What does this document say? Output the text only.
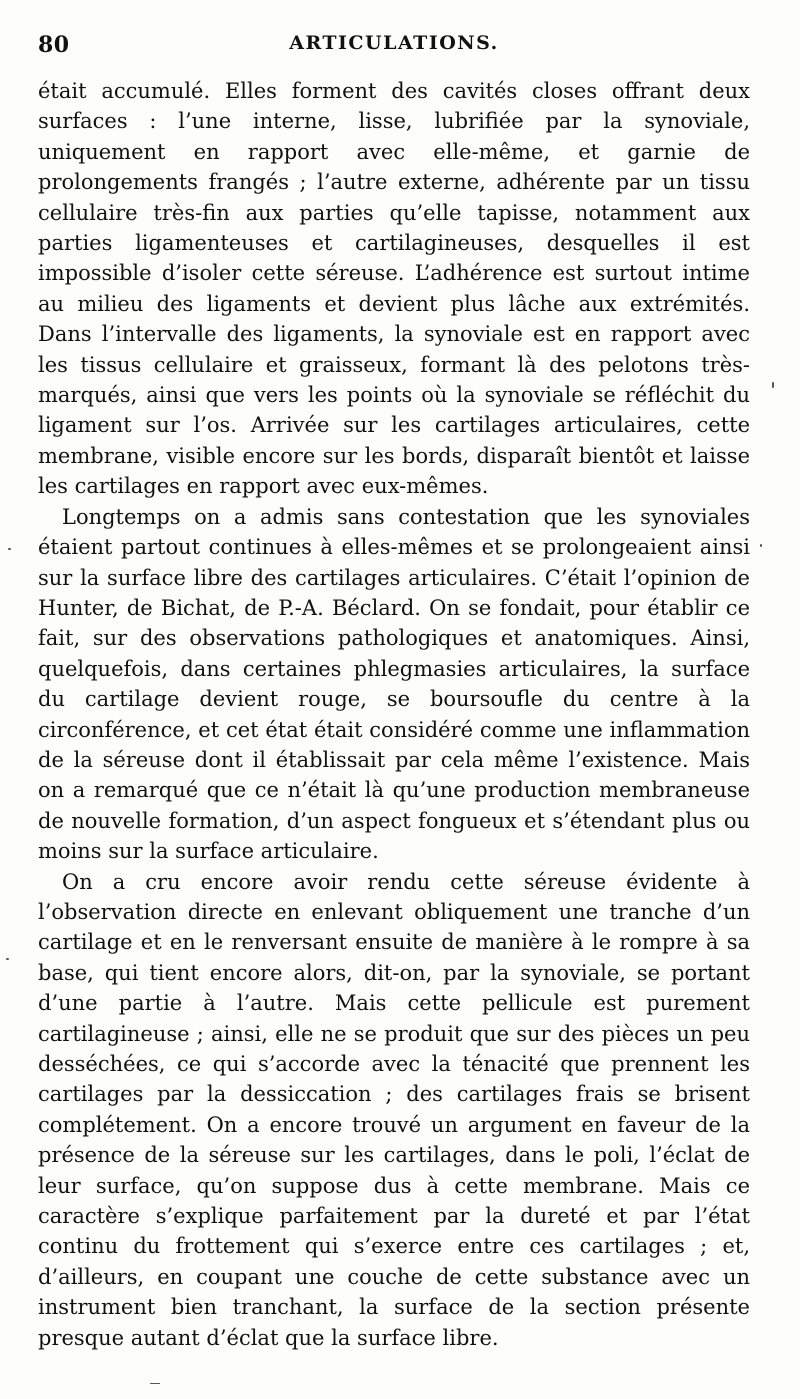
80	ARTICULATIONS.

était accumulé. Elles forment des cavités closes offrant deux surfaces : l’une interne, lisse, lubrifiée par la synoviale, uniquement en rapport avec elle-même, et garnie de prolongements frangés ; l’autre externe, adhérente par un tissu cellulaire très-fin aux parties qu’elle tapisse, notamment aux parties ligamenteuses et cartilagineuses, desquelles il est impossible d’isoler cette séreuse. L’adhérence est surtout intime au milieu des ligaments et devient plus lâche aux extrémités. Dans l’intervalle des ligaments, la synoviale est en rapport avec les tissus cellulaire et graisseux, formant là des pelotons très-marqués, ainsi que vers les points où la synoviale se réfléchit du ligament sur l’os. Arrivée sur les cartilages articulaires, cette membrane, visible encore sur les bords, disparaît bientôt et laisse les cartilages en rapport avec eux-mêmes.

Longtemps on a admis sans contestation que les synoviales étaient partout continues à elles-mêmes et se prolongeaient ainsi sur la surface libre des cartilages articulaires. C’était l’opinion de Hunter, de Bichat, de P.-A. Béclard. On se fondait, pour établir ce fait, sur des observations pathologiques et anatomiques. Ainsi, quelquefois, dans certaines phlegmasies articulaires, la surface du cartilage devient rouge, se boursoufle du centre à la circonférence, et cet état était considéré comme une inflammation de la séreuse dont il établissait par cela même l’existence. Mais on a remarqué que ce n’était là qu’une production membraneuse de nouvelle formation, d’un aspect fongueux et s’étendant plus ou moins sur la surface articulaire.

On a cru encore avoir rendu cette séreuse évidente à l’observation directe en enlevant obliquement une tranche d’un cartilage et en le renversant ensuite de manière à le rompre à sa base, qui tient encore alors, dit-on, par la synoviale, se portant d’une partie à l’autre. Mais cette pellicule est purement cartilagineuse ; ainsi, elle ne se produit que sur des pièces un peu desséchées, ce qui s’accorde avec la ténacité que prennent les cartilages par la dessiccation ; des cartilages frais se brisent complétement. On a encore trouvé un argument en faveur de la présence de la séreuse sur les cartilages, dans le poli, l’éclat de leur surface, qu’on suppose dus à cette membrane. Mais ce caractère s’explique parfaitement par la dureté et par l’état continu du frottement qui s’exerce entre ces cartilages ; et, d’ailleurs, en coupant une couche de cette substance avec un instrument bien tranchant, la surface de la section présente presque autant d’éclat que la surface libre.
